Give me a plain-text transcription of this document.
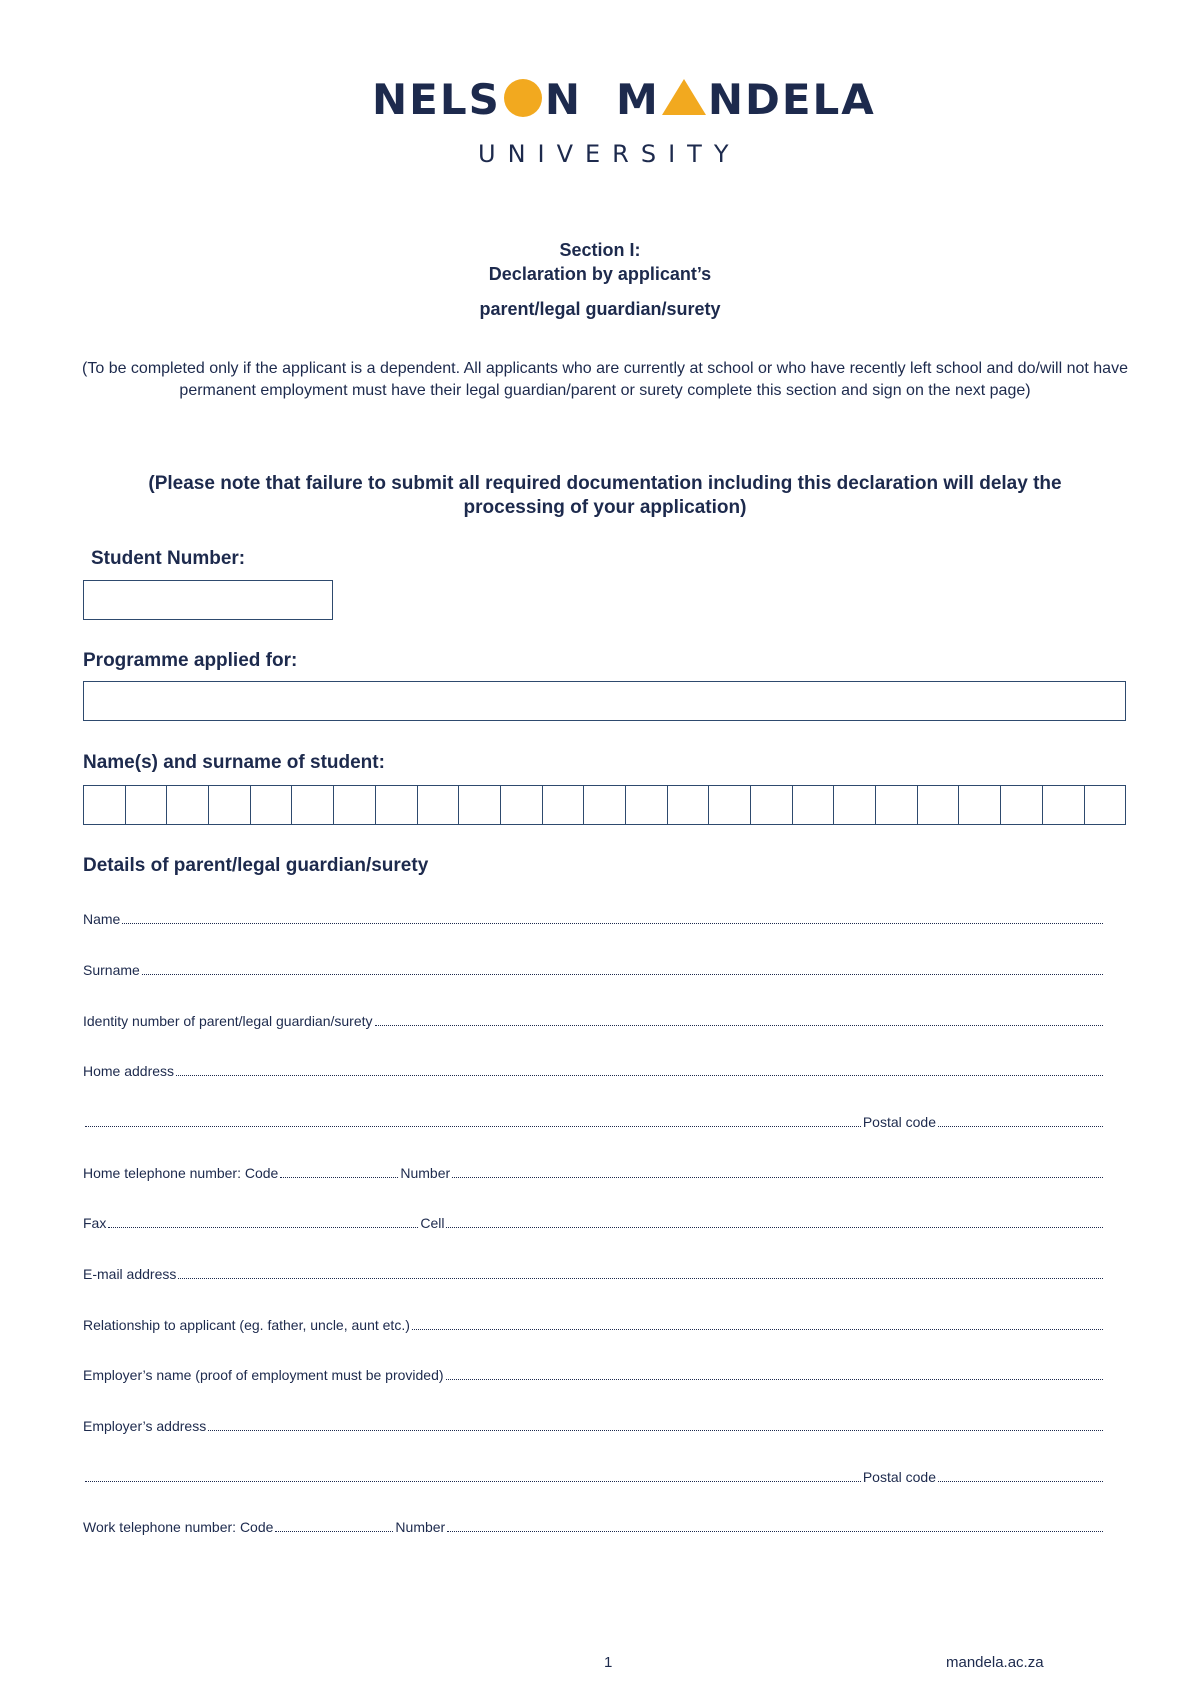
NELS N M NDELA
UNIVERSITY
Section I:
Declaration by applicant’s
parent/legal guardian/surety
(To be completed only if the applicant is a dependent. All applicants who are currently at school or who have recently left school and do/will not have permanent employment must have their legal guardian/parent or surety complete this section and sign on the next page)
(Please note that failure to submit all required documentation including this declaration will delay the processing of your application)
Student Number:
Programme applied for:
Name(s) and surname of student:
Details of parent/legal guardian/surety
Name
Surname
Identity number of parent/legal guardian/surety
Home address
Postal code
Home telephone number: Code	Number
Fax	Cell
E-mail address
Relationship to applicant (eg. father, uncle, aunt etc.)
Employer’s name (proof of employment must be provided)
Employer’s address
Postal code
Work telephone number: Code	Number
1	mandela.ac.za
